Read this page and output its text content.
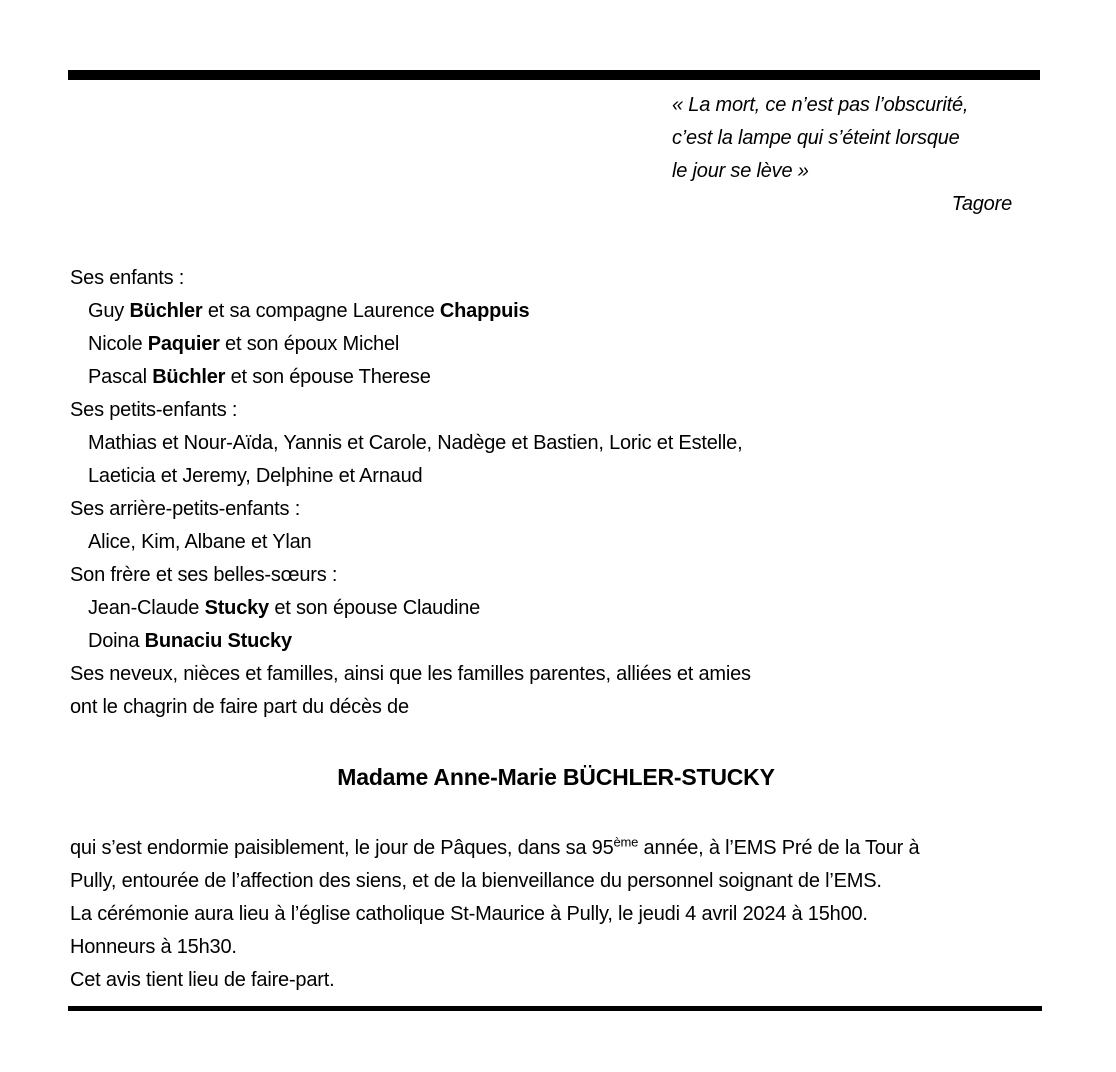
« La mort, ce n’est pas l’obscurité,
c’est la lampe qui s’éteint lorsque
le jour se lève »
Tagore
Ses enfants :
Guy Büchler et sa compagne Laurence Chappuis
Nicole Paquier et son époux Michel
Pascal Büchler et son épouse Therese
Ses petits-enfants :
Mathias et Nour-Aïda, Yannis et Carole, Nadège et Bastien, Loric et Estelle,
Laeticia et Jeremy, Delphine et Arnaud
Ses arrière-petits-enfants :
Alice, Kim, Albane et Ylan
Son frère et ses belles-sœurs :
Jean-Claude Stucky et son épouse Claudine
Doina Bunaciu Stucky
Ses neveux, nièces et familles, ainsi que les familles parentes, alliées et amies
ont le chagrin de faire part du décès de
Madame Anne-Marie BÜCHLER-STUCKY
qui s’est endormie paisiblement, le jour de Pâques, dans sa 95ème année, à l’EMS Pré de la Tour à
Pully, entourée de l’affection des siens, et de la bienveillance du personnel soignant de l’EMS.
La cérémonie aura lieu à l’église catholique St-Maurice à Pully, le jeudi 4 avril 2024 à 15h00.
Honneurs à 15h30.
Cet avis tient lieu de faire-part.
